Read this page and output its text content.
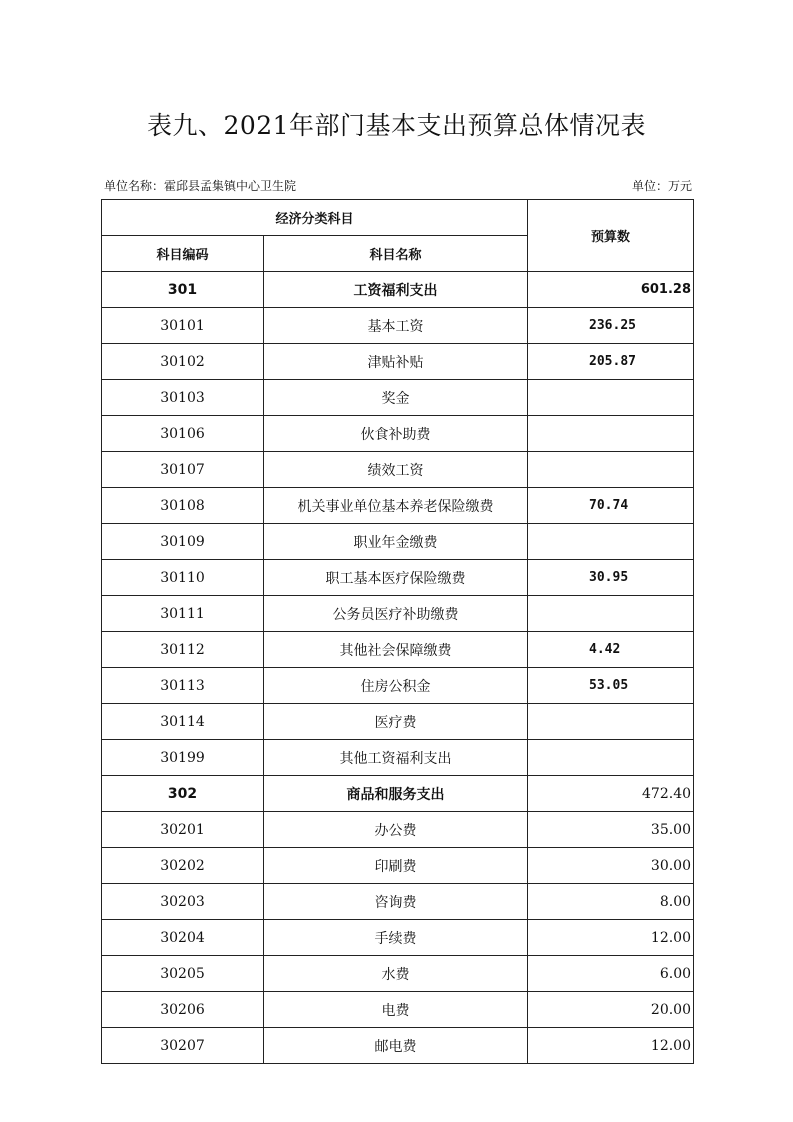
表九、2021年部门基本支出预算总体情况表
单位名称：霍邱县孟集镇中心卫生院	单位：万元
经济分类科目		预算数
科目编码	科目名称	
301	工资福利支出	601.28
30101	基本工资	236.25
30102	津贴补贴	205.87
30103	奖金	
30106	伙食补助费	
30107	绩效工资	
30108	机关事业单位基本养老保险缴费	70.74
30109	职业年金缴费	
30110	职工基本医疗保险缴费	30.95
30111	公务员医疗补助缴费	
30112	其他社会保障缴费	4.42
30113	住房公积金	53.05
30114	医疗费	
30199	其他工资福利支出	
302	商品和服务支出	472.40
30201	办公费	35.00
30202	印刷费	30.00
30203	咨询费	8.00
30204	手续费	12.00
30205	水费	6.00
30206	电费	20.00
30207	邮电费	12.00
